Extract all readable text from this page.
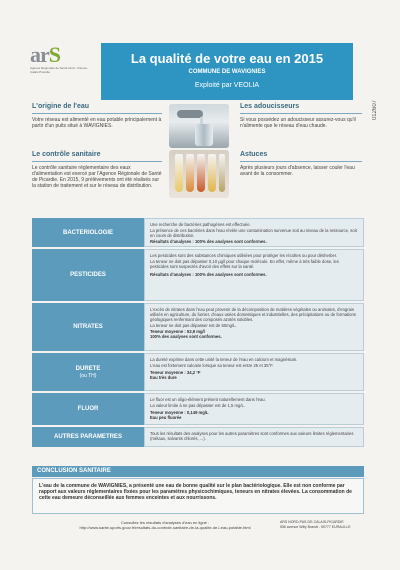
arS
Agence Régionale de Santé Nord - Pas-de-Calais Picardie
La qualité de votre eau en 2015
COMMUNE DE WAVIGNIES
Exploité par VEOLIA
012607
L'origine de l'eau

Votre réseau est alimenté en eau potable principalement à partir d'un puits situé à WAVIGNIES.

Les adoucisseurs

Si vous possédez un adoucisseur assurez-vous qu'il n'alimente que le réseau d'eau chaude.

Le contrôle sanitaire

Le contrôle sanitaire réglementaire des eaux d'alimentation est exercé par l'Agence Régionale de Santé de Picardie. En 2015, 9 prélèvements ont été réalisés sur la station de traitement et sur le réseau de distribution.

Astuces

Après plusieurs jours d'absence, laisser couler l'eau avant de la consommer.

BACTERIOLOGIE

Une recherche de bactéries pathogènes est effectuée.

La présence de ces bactéries dans l'eau révèle une contamination survenue soit au niveau de la ressource, soit en cours de distribution.

Résultats d'analyses : 100% des analyses sont conformes.

PESTICIDES

Les pesticides sont des substances chimiques utilisées pour protéger les récoltes ou pour désherber.

La teneur ne doit pas dépasser 0,10 µg/l pour chaque molécule. En effet, même à très faible dose, les pesticides sont suspectés d'avoir des effets sur la santé.

Résultats d'analyses : 100% des analyses sont conformes.

NITRATES

L'excès de nitrates dans l'eau peut provenir de la décomposition de matières végétales ou animales, d'engrais utilisés en agriculture, du fumier, d'eaux usées domestiques et industrielles, des précipitations ou de formations géologiques renfermant des composés azotés solubles.

La teneur ne doit pas dépasser est de 50mg/L.

Teneur moyenne : 53,9 mg/l
100% des analyses sont conformes.

DURETE
(ou TH)

La dureté exprime dans cette unité la teneur de l'eau en calcium et magnésium.

L'eau est fortement calcaire lorsque sa teneur est entre 25 et 35°F.

Teneur moyenne : 34,2 °F
Eau très dure

FLUOR

Le fluor est un oligo-élément présent naturellement dans l'eau.

La valeur limite à ne pas dépasser est de 1,5 mg/L.

Teneur moyenne : 0,149 mg/L
Eau peu fluorée

AUTRES PARAMETRES

Tous les résultats des analyses pour les autres paramètres sont conformes aux valeurs limites réglementaires (métaux, solvants chlorés, ...).

CONCLUSION SANITAIRE
L'eau de la commune de WAVIGNIES, a présenté une eau de bonne qualité sur le plan bactériologique. Elle est non conforme par rapport aux valeurs réglementaires fixées pour les paramètres physicochimiques, teneurs en nitrates élevées. La consommation de cette eau demeure déconseillée aux femmes enceintes et aux nourrissons.
Consultez les résultats d'analyses d'eau en ligne :
http://www.sante-sports.gouv.fr/resultats-du-controle-sanitaire-de-la-qualite-de-l-eau-potable.html
ARS NORD-PAS-DE-CALAIS-PICARDIE
556 avenue Willy Brandt - 59777 EURALILLE
